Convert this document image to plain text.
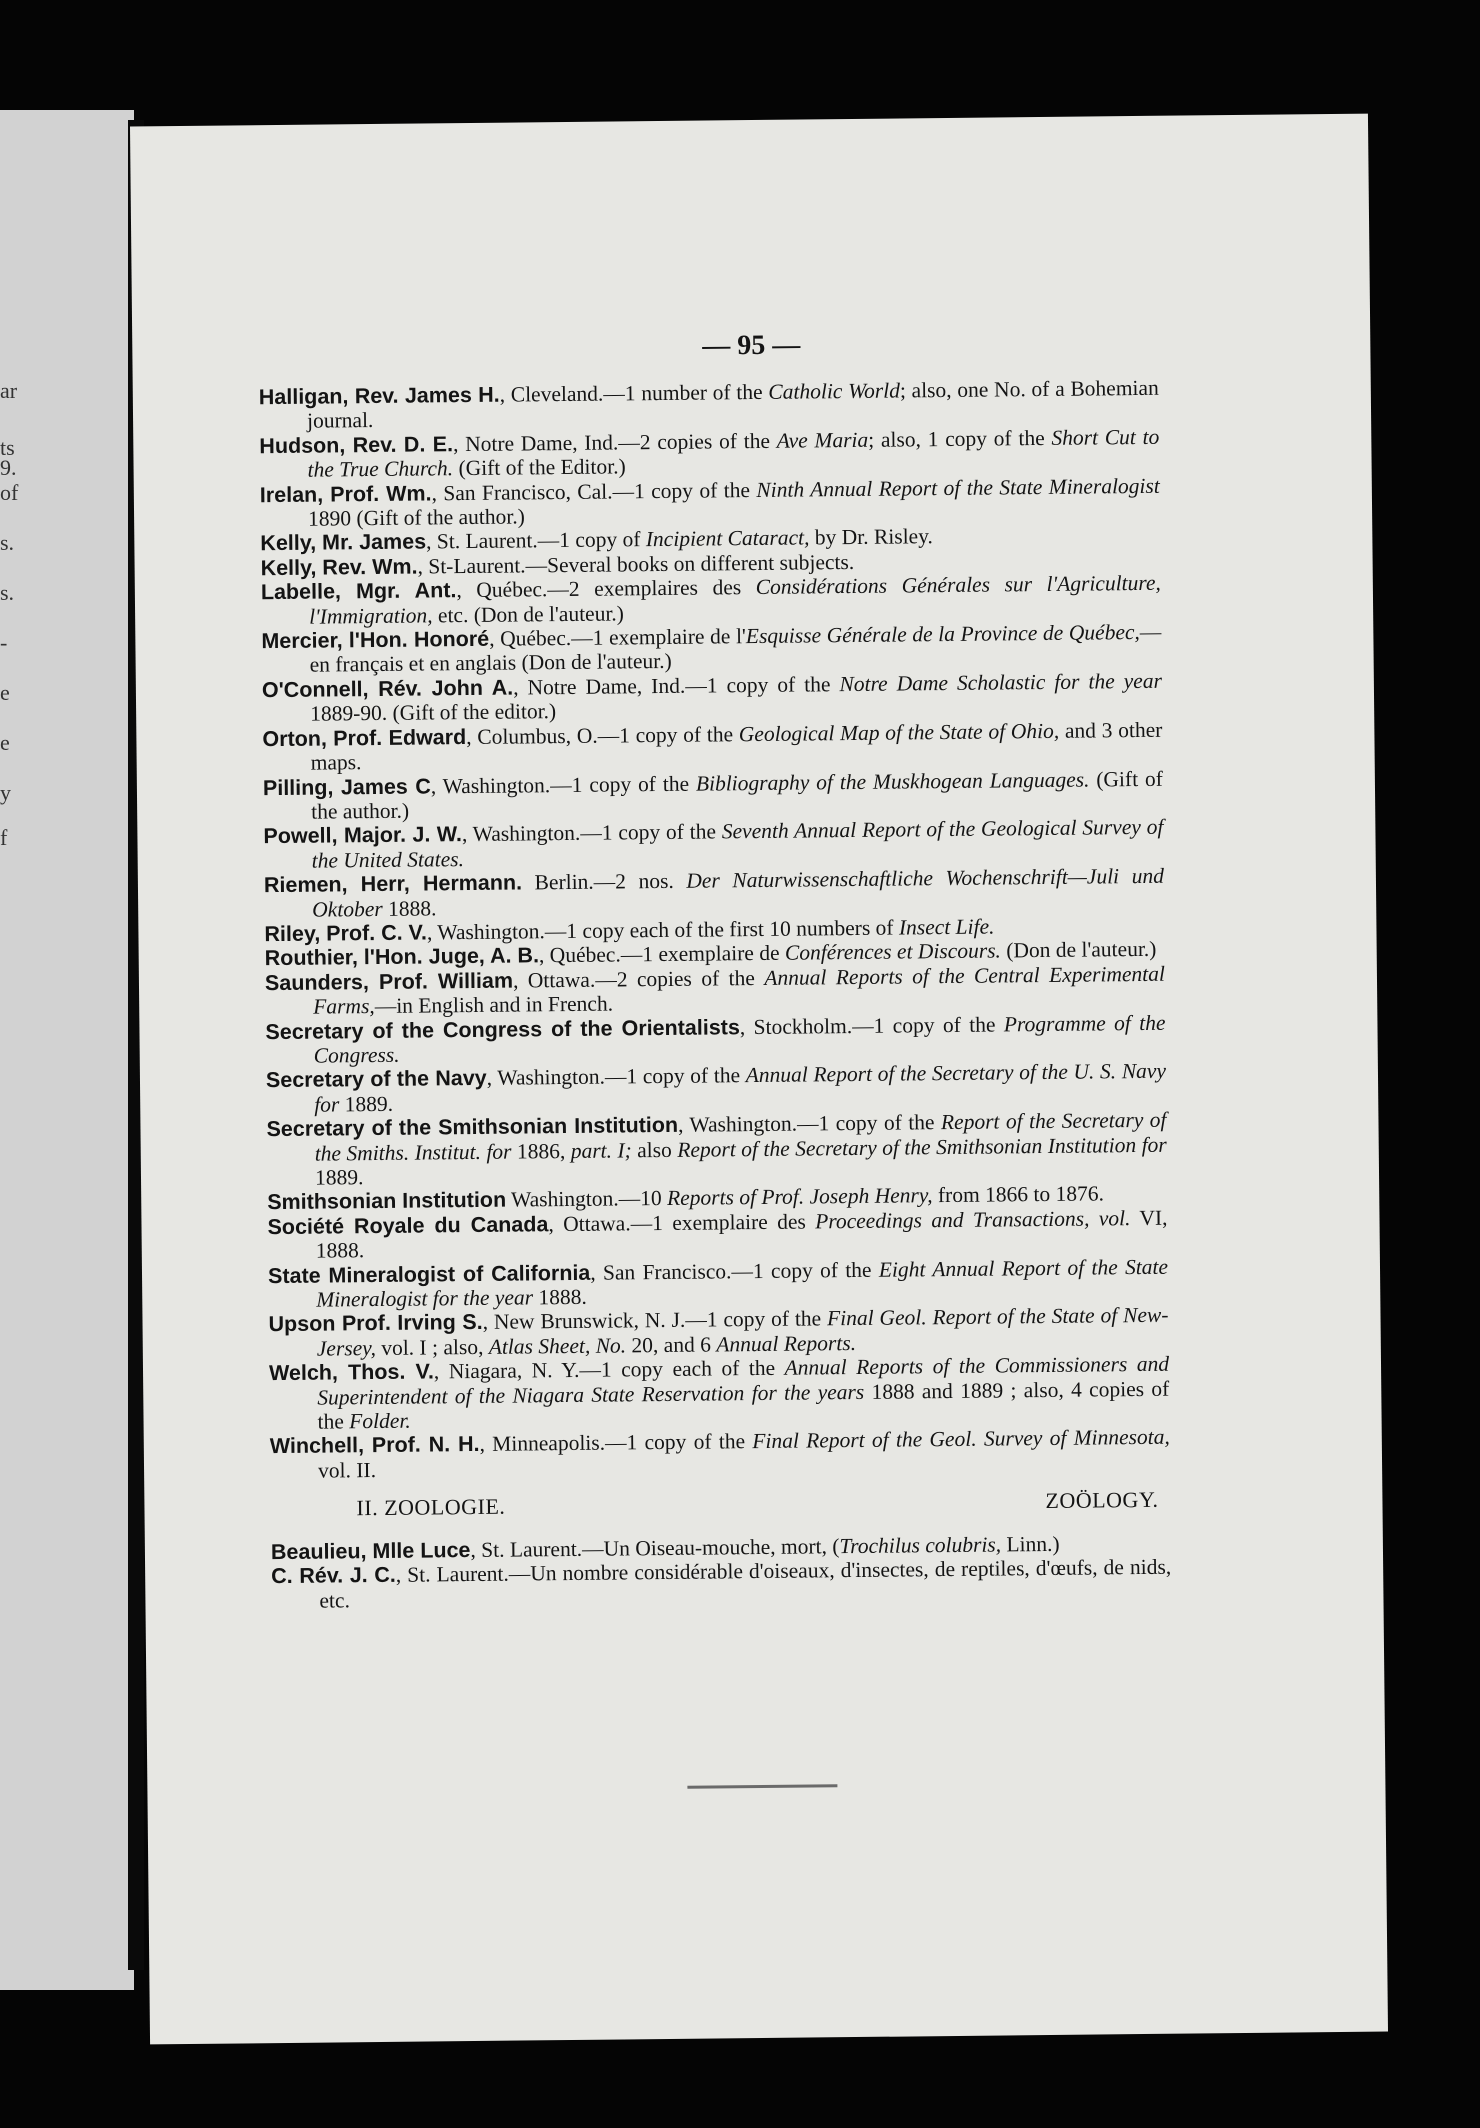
— 95 —
Halligan, Rev. James H., Cleveland.—1 number of the Catholic World; also, one No. of a Bohemian journal.
Hudson, Rev. D. E., Notre Dame, Ind.—2 copies of the Ave Maria; also, 1 copy of the Short Cut to the True Church. (Gift of the Editor.)
Irelan, Prof. Wm., San Francisco, Cal.—1 copy of the Ninth Annual Report of the State Mineralogist 1890 (Gift of the author.)
Kelly, Mr. James, St. Laurent.—1 copy of Incipient Cataract, by Dr. Risley.
Kelly, Rev. Wm., St-Laurent.—Several books on different subjects.
Labelle, Mgr. Ant., Québec.—2 exemplaires des Considérations Générales sur l'Agriculture, l'Immigration, etc. (Don de l'auteur.)
Mercier, l'Hon. Honoré, Québec.—1 exemplaire de l'Esquisse Générale de la Province de Québec,—en français et en anglais (Don de l'auteur.)
O'Connell, Rév. John A., Notre Dame, Ind.—1 copy of the Notre Dame Scholastic for the year 1889-90. (Gift of the editor.)
Orton, Prof. Edward, Columbus, O.—1 copy of the Geological Map of the State of Ohio, and 3 other maps.
Pilling, James C, Washington.—1 copy of the Bibliography of the Muskhogean Languages. (Gift of the author.)
Powell, Major. J. W., Washington.—1 copy of the Seventh Annual Report of the Geological Survey of the United States.
Riemen, Herr, Hermann. Berlin.—2 nos. Der Naturwissenschaftliche Wochenschrift—Juli und Oktober 1888.
Riley, Prof. C. V., Washington.—1 copy each of the first 10 numbers of Insect Life.
Routhier, l'Hon. Juge, A. B., Québec.—1 exemplaire de Conférences et Discours. (Don de l'auteur.)
Saunders, Prof. William, Ottawa.—2 copies of the Annual Reports of the Central Experimental Farms,—in English and in French.
Secretary of the Congress of the Orientalists, Stockholm.—1 copy of the Programme of the Congress.
Secretary of the Navy, Washington.—1 copy of the Annual Report of the Secretary of the U. S. Navy for 1889.
Secretary of the Smithsonian Institution, Washington.—1 copy of the Report of the Secretary of the Smiths. Institut. for 1886, part. I; also Report of the Secretary of the Smithsonian Institution for 1889.
Smithsonian Institution Washington.—10 Reports of Prof. Joseph Henry, from 1866 to 1876.
Société Royale du Canada, Ottawa.—1 exemplaire des Proceedings and Transactions, vol. VI, 1888.
State Mineralogist of California, San Francisco.—1 copy of the Eight Annual Report of the State Mineralogist for the year 1888.
Upson Prof. Irving S., New Brunswick, N. J.—1 copy of the Final Geol. Report of the State of New-Jersey, vol. I ; also, Atlas Sheet, No. 20, and 6 Annual Reports.
Welch, Thos. V., Niagara, N. Y.—1 copy each of the Annual Reports of the Commissioners and Superintendent of the Niagara State Reservation for the years 1888 and 1889 ; also, 4 copies of the Folder.
Winchell, Prof. N. H., Minneapolis.—1 copy of the Final Report of the Geol. Survey of Minnesota, vol. II.
II. ZOOLOGIE.	ZOÖLOGY.
Beaulieu, Mlle Luce, St. Laurent.—Un Oiseau-mouche, mort, (Trochilus colubris, Linn.)
C. Rév. J. C., St. Laurent.—Un nombre considérable d'oiseaux, d'insectes, de reptiles, d'œufs, de nids, etc.
ar
ts
9.
of
s.
s.
-
e
e
y
f
